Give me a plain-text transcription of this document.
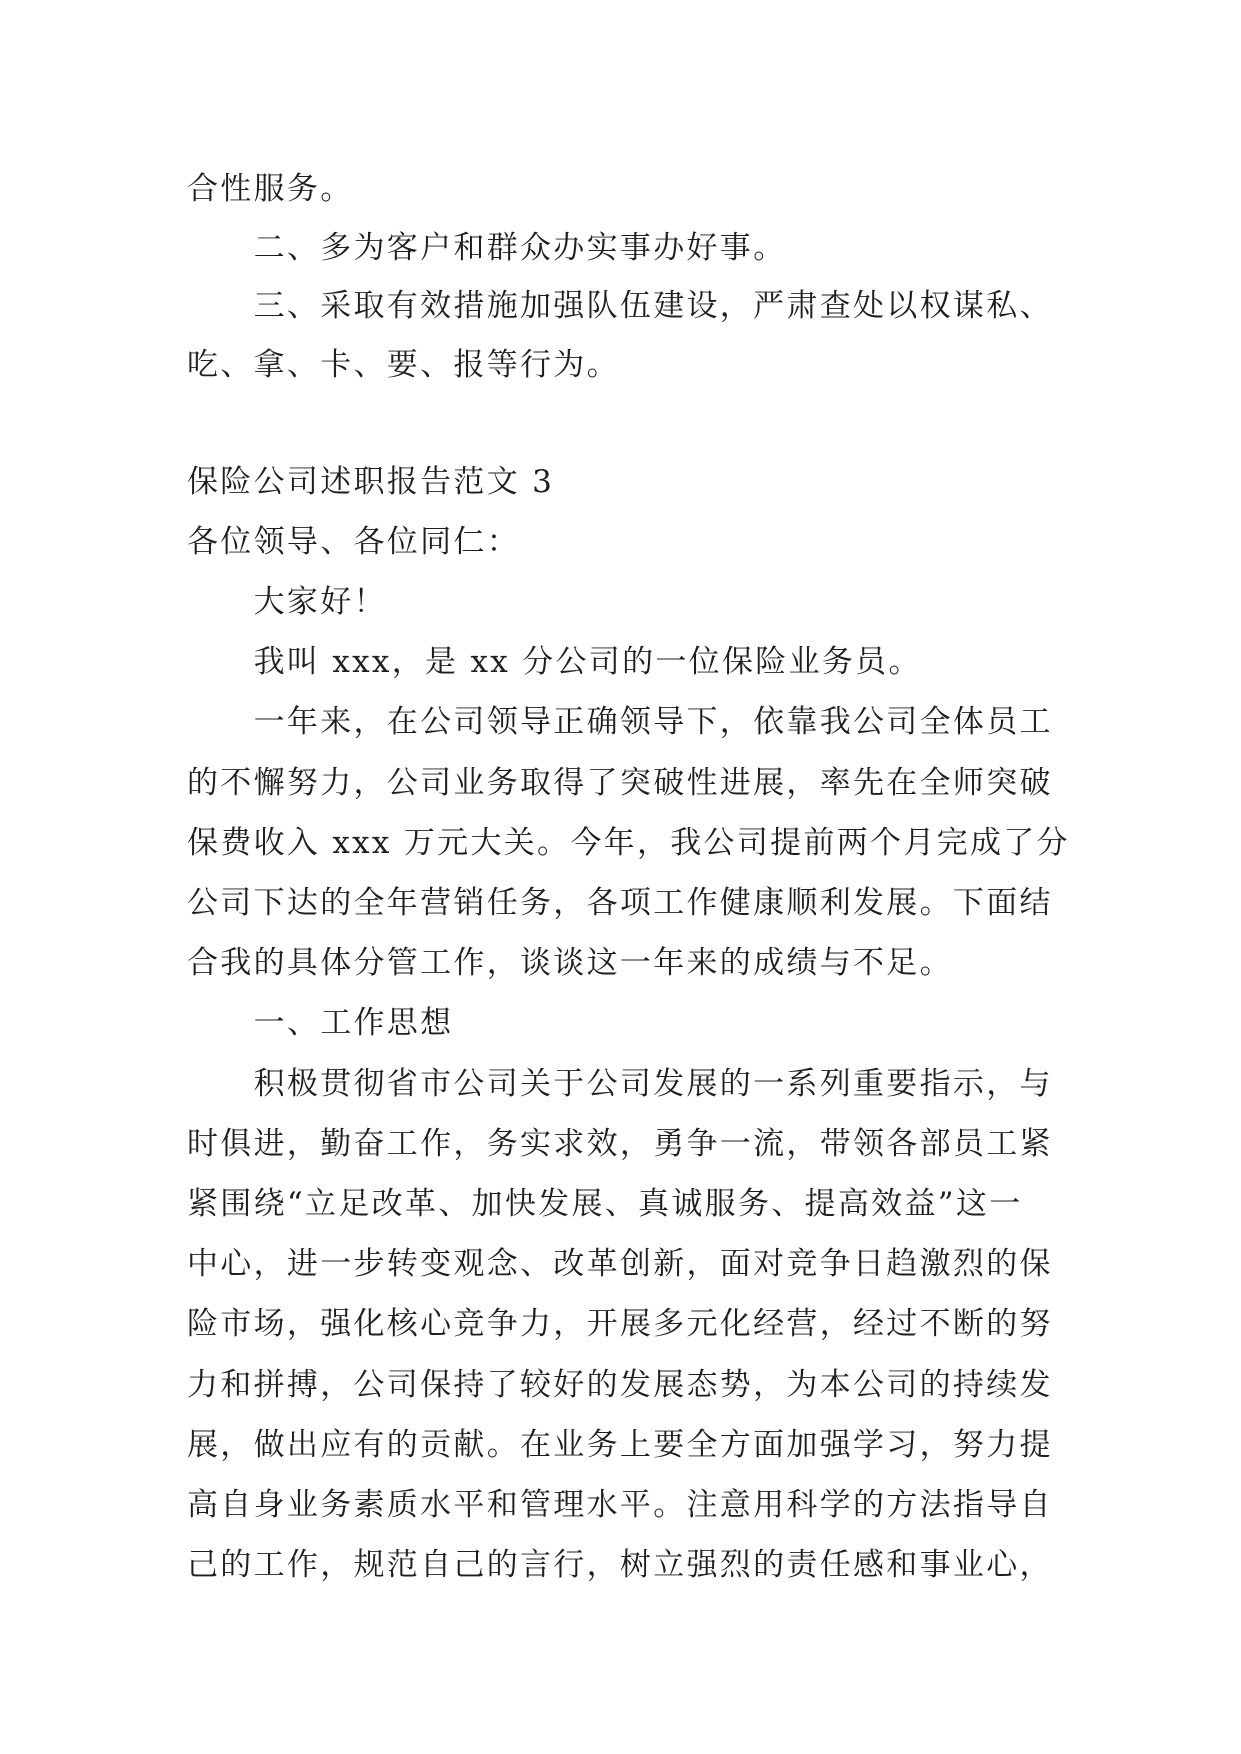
合性服务。
二、多为客户和群众办实事办好事。
三、采取有效措施加强队伍建设，严肃查处以权谋私、
吃、拿、卡、要、报等行为。
保险公司述职报告范文 3
各位领导、各位同仁：
大家好！
我叫 xxx，是 xx 分公司的一位保险业务员。
一年来，在公司领导正确领导下，依靠我公司全体员工
的不懈努力，公司业务取得了突破性进展，率先在全师突破
保费收入 xxx 万元大关。今年，我公司提前两个月完成了分
公司下达的全年营销任务，各项工作健康顺利发展。下面结
合我的具体分管工作，谈谈这一年来的成绩与不足。
一、工作思想
积极贯彻省市公司关于公司发展的一系列重要指示，与
时俱进，勤奋工作，务实求效，勇争一流，带领各部员工紧
紧围绕“立足改革、加快发展、真诚服务、提高效益”这一
中心，进一步转变观念、改革创新，面对竞争日趋激烈的保
险市场，强化核心竞争力，开展多元化经营，经过不断的努
力和拼搏，公司保持了较好的发展态势，为本公司的持续发
展，做出应有的贡献。在业务上要全方面加强学习，努力提
高自身业务素质水平和管理水平。注意用科学的方法指导自
己的工作，规范自己的言行，树立强烈的责任感和事业心，
